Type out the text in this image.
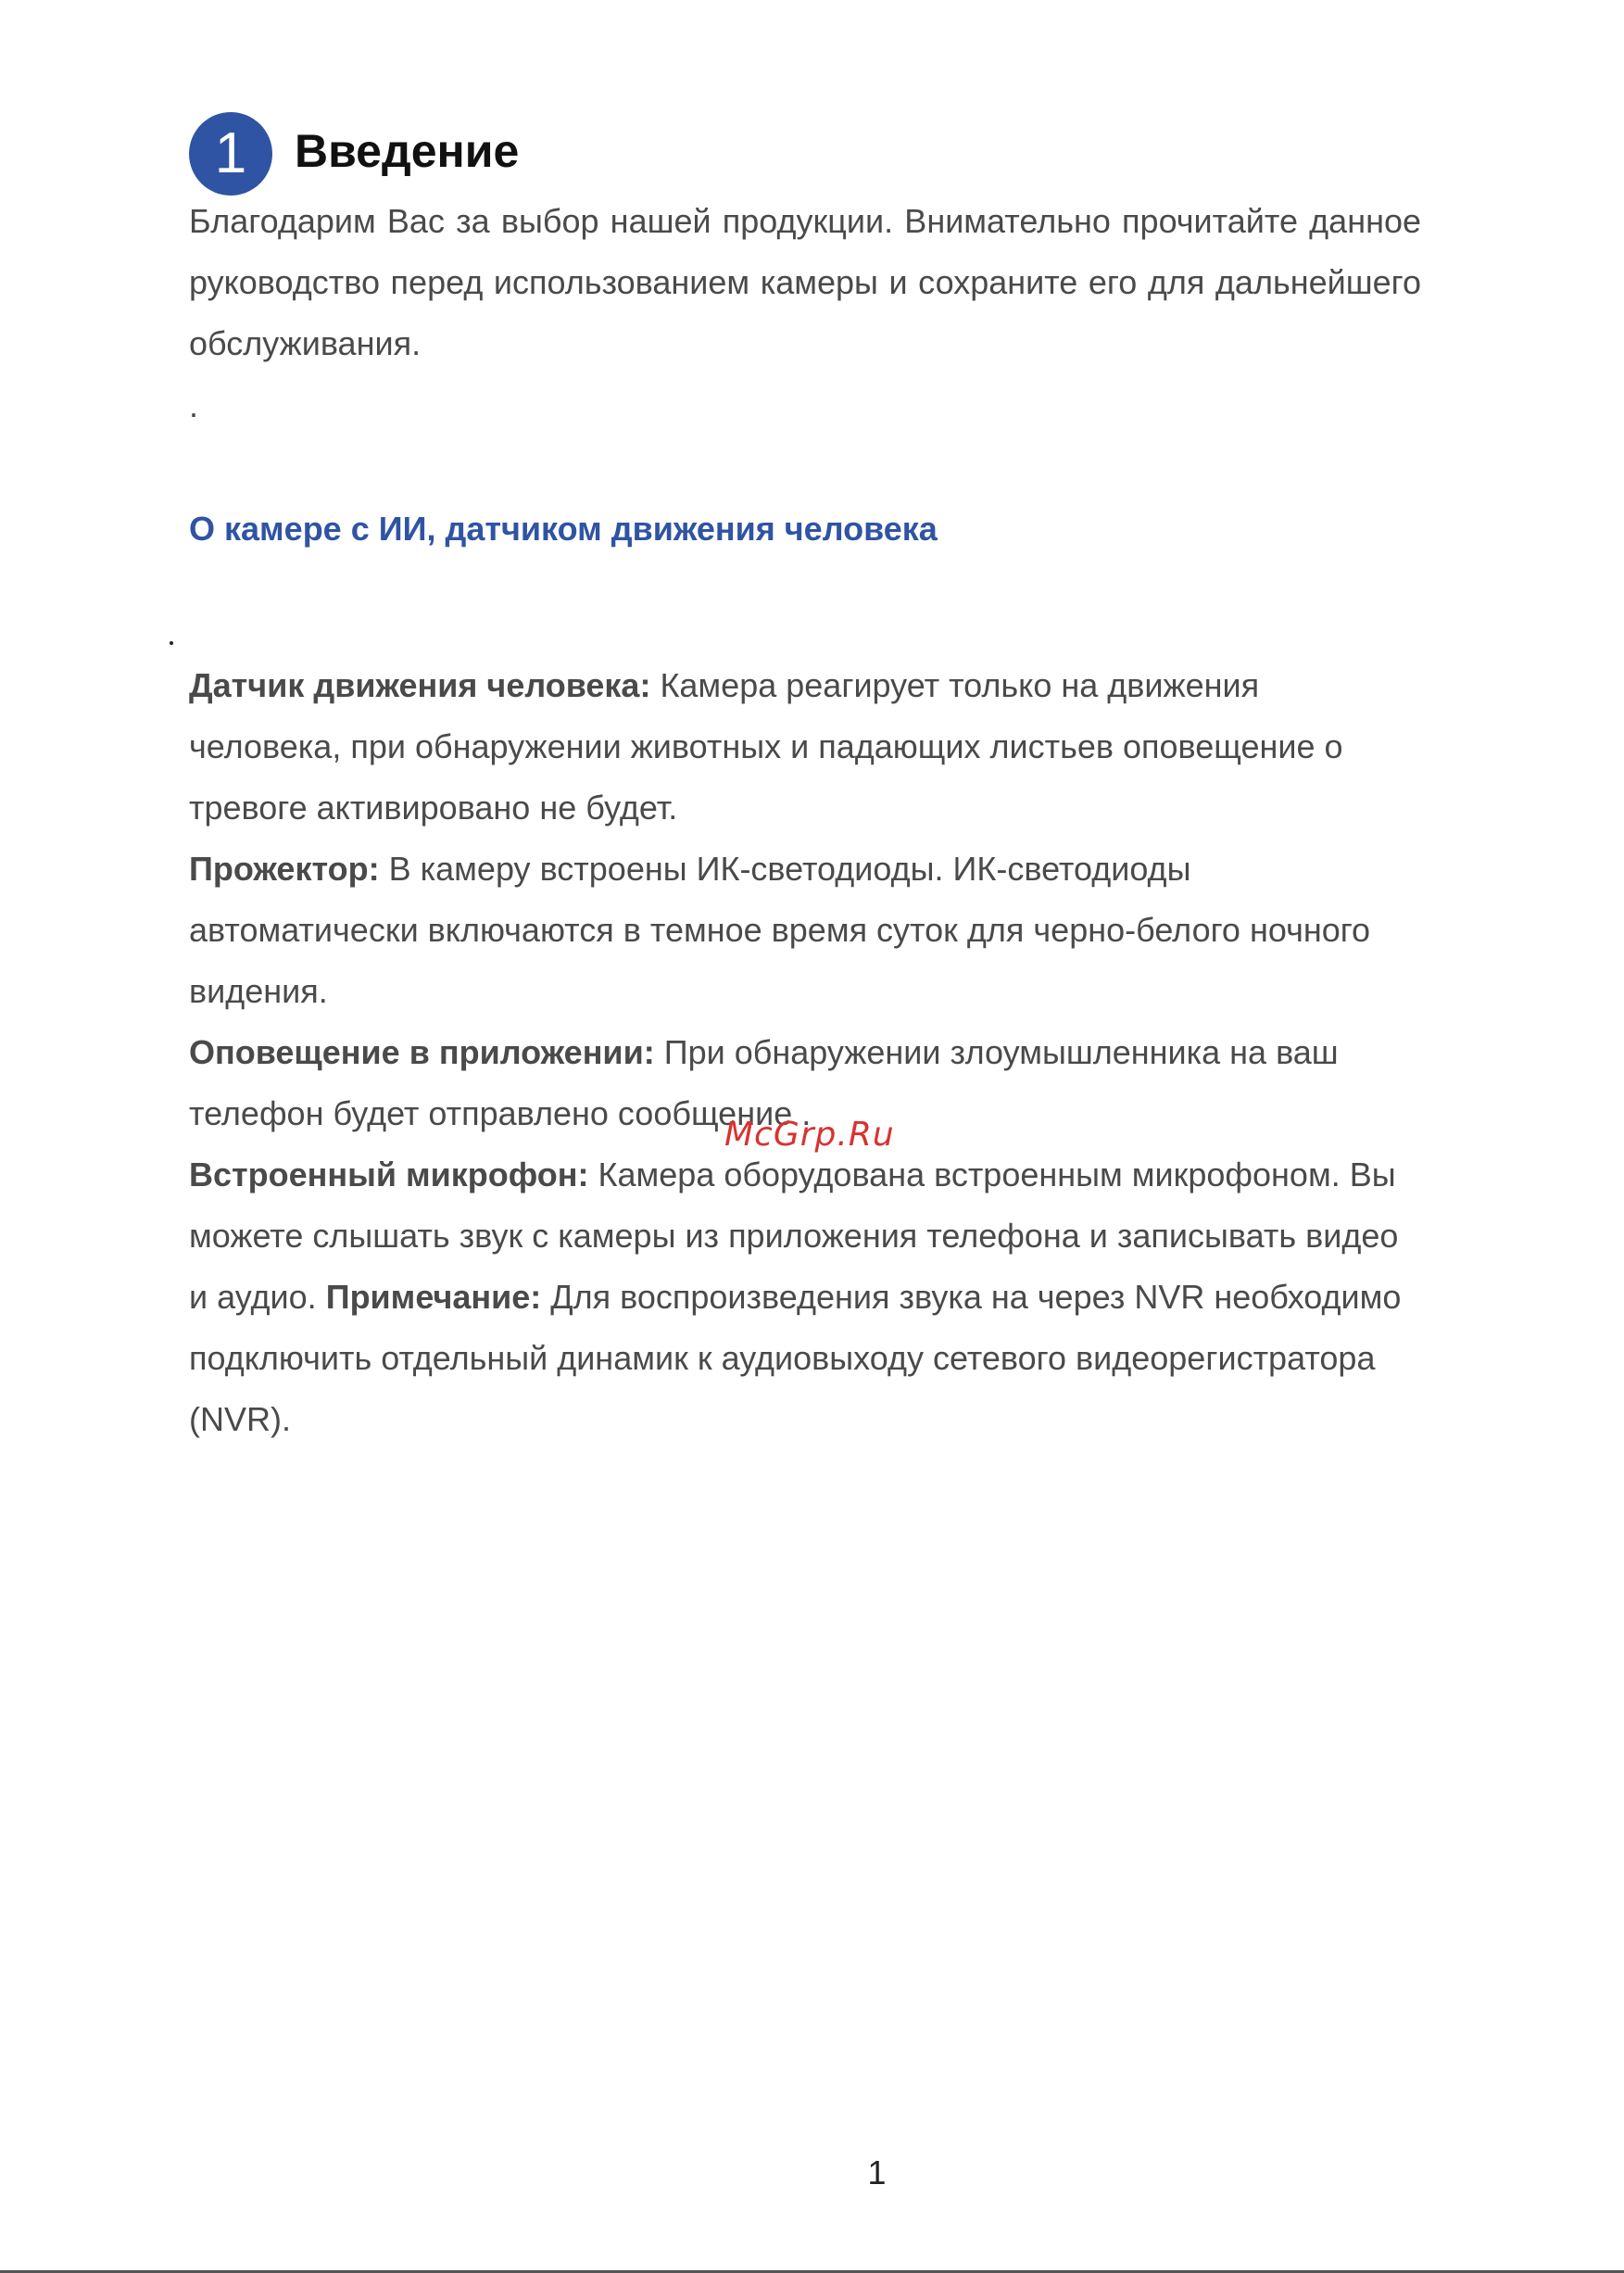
1 Введение

Благодарим Вас за выбор нашей продукции. Внимательно прочитайте данное руководство перед использованием камеры и сохраните его для дальнейшего обслуживания.

.

О камере с ИИ, датчиком движения человека

Датчик движения человека: Камера реагирует только на движения человека, при обнаружении животных и падающих листьев оповещение о тревоге активировано не будет.

Прожектор: В камеру встроены ИК-светодиоды. ИК-светодиоды автоматически включаются в темное время суток для черно-белого ночного видения.

Оповещение в приложении: При обнаружении злоумышленника на ваш телефон будет отправлено сообщение .

Встроенный микрофон: Камера оборудована встроенным микрофоном. Вы можете слышать звук с камеры из приложения телефона и записывать видео и аудио. Примечание: Для воспроизведения звука на через NVR необходимо подключить отдельный динамик к аудиовыходу сетевого видеорегистратора (NVR).

McGrp.Ru
1
